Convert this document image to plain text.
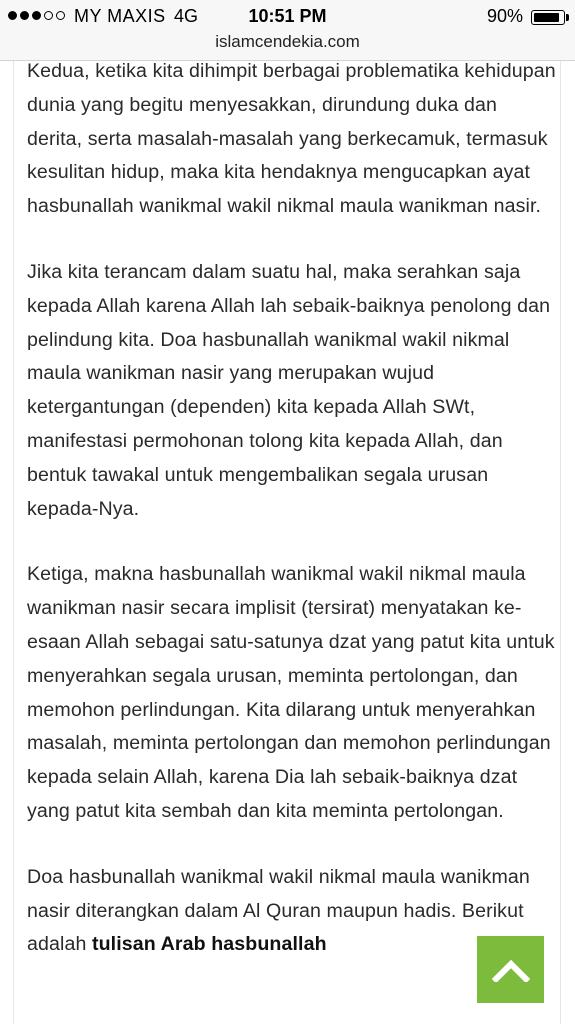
MY MAXIS 4G	10:51 PM	90%
islamcendekia.com

Kedua, ketika kita dihimpit berbagai problematika kehidupan dunia yang begitu menyesakkan, dirundung duka dan derita, serta masalah-masalah yang berkecamuk, termasuk kesulitan hidup, maka kita hendaknya mengucapkan ayat hasbunallah wanikmal wakil nikmal maula wanikman nasir.

Jika kita terancam dalam suatu hal, maka serahkan saja kepada Allah karena Allah lah sebaik-baiknya penolong dan pelindung kita. Doa hasbunallah wanikmal wakil nikmal maula wanikman nasir yang merupakan wujud ketergantungan (dependen) kita kepada Allah SWt, manifestasi permohonan tolong kita kepada Allah, dan bentuk tawakal untuk mengembalikan segala urusan kepada-Nya.

Ketiga, makna hasbunallah wanikmal wakil nikmal maula wanikman nasir secara implisit (tersirat) menyatakan ke-esaan Allah sebagai satu-satunya dzat yang patut kita untuk menyerahkan segala urusan, meminta pertolongan, dan memohon perlindungan. Kita dilarang untuk menyerahkan masalah, meminta pertolongan dan memohon perlindungan kepada selain Allah, karena Dia lah sebaik-baiknya dzat yang patut kita sembah dan kita meminta pertolongan.

Doa hasbunallah wanikmal wakil nikmal maula wanikman nasir diterangkan dalam Al Quran maupun hadis. Berikut adalah tulisan Arab hasbunallah
